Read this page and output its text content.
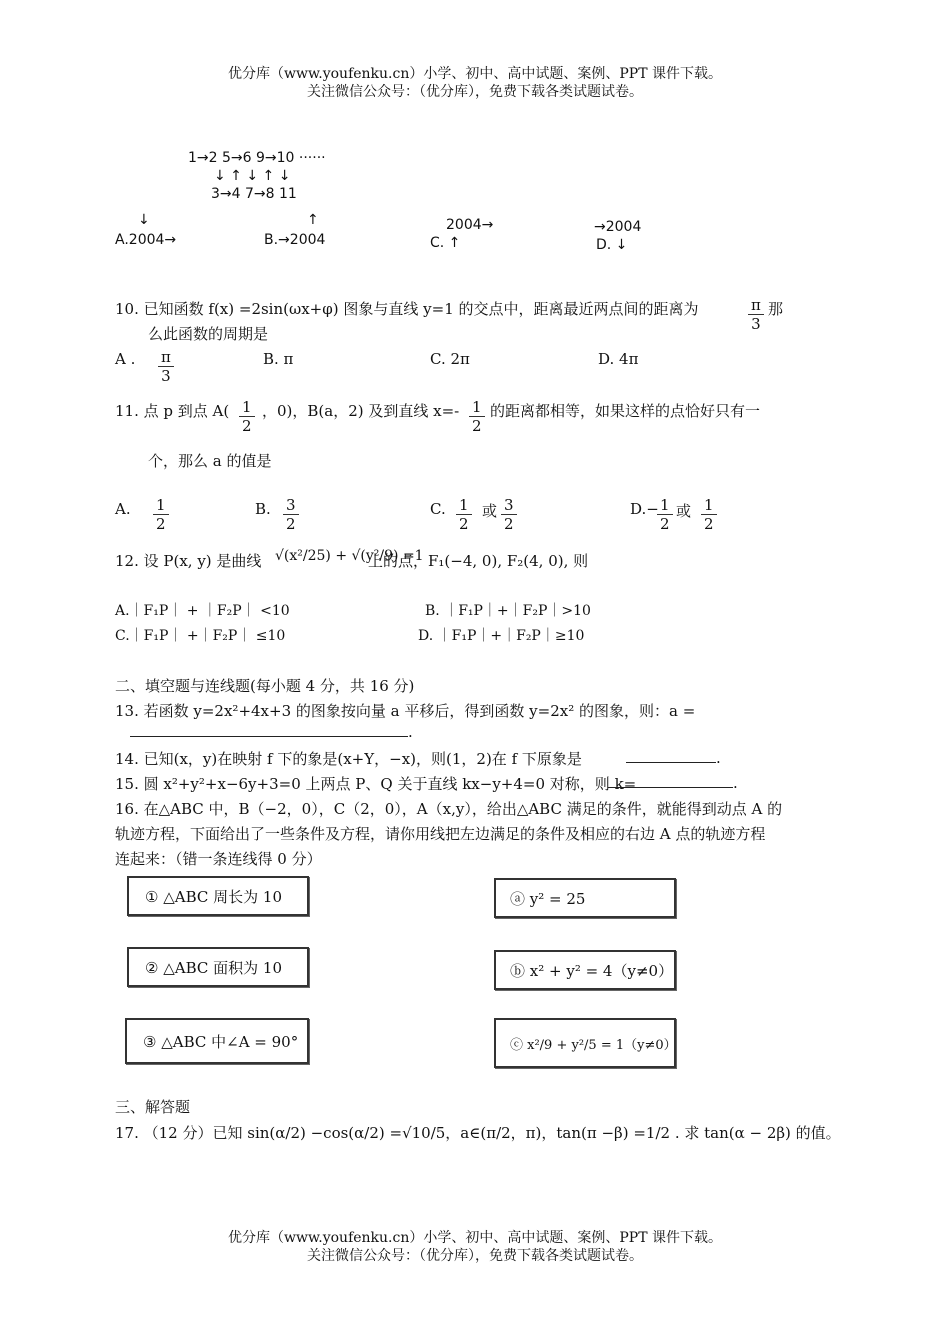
优分库（www.youfenku.cn）小学、初中、高中试题、案例、PPT 课件下载。
关注微信公众号：（优分库），免费下载各类试题试卷。
1→2 5→6 9→10 ······
↓ ↑ ↓ ↑ ↓
3→4 7→8 11
↓
A.2004→
↑
B.→2004
2004→
C. ↑
→2004
D. ↓
10. 已知函数 f(x) =2sin(ωx+φ) 图象与直线 y=1 的交点中，距离最近两点间的距离为	$\frac{\pi}{3}$ 那
么此函数的周期是
A . $\frac{\pi}{3}$	B. π	C. 2π	D. 4π
11. 点 p 到点 $A( \frac{1}{2}$ ，0)，B(a，2) 及到直线 $x=- \frac{1}{2}$ 的距离都相等，如果这样的点恰好只有一
个，那么 a 的值是
A. $\frac{1}{2}$	B. $\frac{3}{2}$	C. $\frac{1}{2}$ 或 $\frac{3}{2}$	D.−
$\frac{1}{2}$ 或 $\frac{1}{2}$
12. 设 P(x, y) 是曲线 √(x²/25) + √(y²/9) =1
上的点，F₁(−4, 0), F₂(4, 0), 则
A.｜F₁P｜ + ｜F₂P｜ <10	B. ｜F₁P｜+｜F₂P｜>10
C.｜F₁P｜ +｜F₂P｜ ≤10	D. ｜F₁P｜+｜F₂P｜≥10
二、填空题与连线题(每小题 4 分，共 16 分)
13. 若函数 y=2x²+4x+3 的图象按向量 a 平移后，得到函数 y=2x² 的图象，则：a =
.
14. 已知(x，y)在映射 f 下的象是(x+Y，−x)，则(1，2)在 f 下原象是	.
15. 圆 x²+y²+x−6y+3=0 上两点 P、Q 关于直线 kx−y+4=0 对称，则 k=	.
16. 在△ABC 中，B（−2，0），C（2，0），A（x,y），给出△ABC 满足的条件，就能得到动点 A 的
轨迹方程，下面给出了一些条件及方程，请你用线把左边满足的条件及相应的右边 A 点的轨迹方程
连起来：（错一条连线得 0 分）
① △ABC 周长为 10
② △ABC 面积为 10
③ △ABC 中∠A = 90°
ⓐ y² = 25
ⓑ x² + y² = 4（y≠0）
ⓒ x²/9 + y²/5 = 1（y≠0）
三、解答题
17. （12 分）已知 sin(α/2) −cos(α/2) =√10/5，a∈(π/2，π)，tan(π −β) =1/2 . 求 tan(α − 2β) 的值。
优分库（www.youfenku.cn）小学、初中、高中试题、案例、PPT 课件下载。
关注微信公众号：（优分库），免费下载各类试题试卷。
